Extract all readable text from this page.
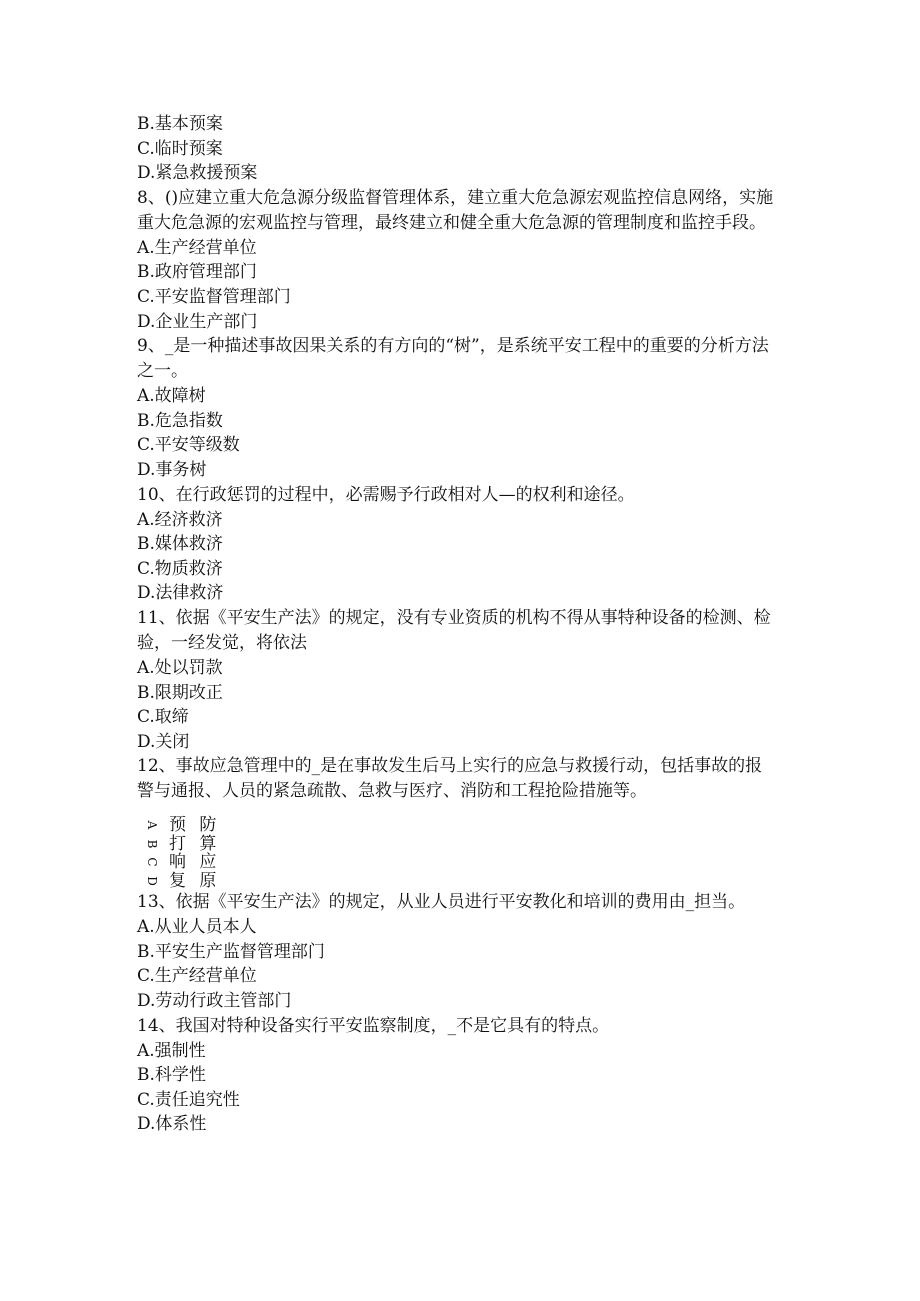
B.基本预案

C.临时预案

D.紧急救援预案

8、()应建立重大危急源分级监督管理体系，建立重大危急源宏观监控信息网络，实施重大危急源的宏观监控与管理，最终建立和健全重大危急源的管理制度和监控手段。

A.生产经营单位

B.政府管理部门

C.平安监督管理部门

D.企业生产部门

9、_是一种描述事故因果关系的有方向的“树”，是系统平安工程中的重要的分析方法之一。

A.故障树

B.危急指数

C.平安等级数

D.事务树

10、在行政惩罚的过程中，必需赐予行政相对人—的权利和途径。

A.经济救济

B.媒体救济

C.物质救济

D.法律救济

11、依据《平安生产法》的规定，没有专业资质的机构不得从事特种设备的检测、检验，一经发觉，将依法

A.处以罚款

B.限期改正

C.取缔

D.关闭

12、事故应急管理中的_是在事故发生后马上实行的应急与救援行动，包括事故的报警与通报、人员的紧急疏散、急救与医疗、消防和工程抢险措施等。

A 预 防
B 打 算
C 响 应
D 复 原

13、依据《平安生产法》的规定，从业人员进行平安教化和培训的费用由_担当。

A.从业人员本人

B.平安生产监督管理部门

C.生产经营单位

D.劳动行政主管部门

14、我国对特种设备实行平安监察制度，_不是它具有的特点。

A.强制性

B.科学性

C.责任追究性

D.体系性
